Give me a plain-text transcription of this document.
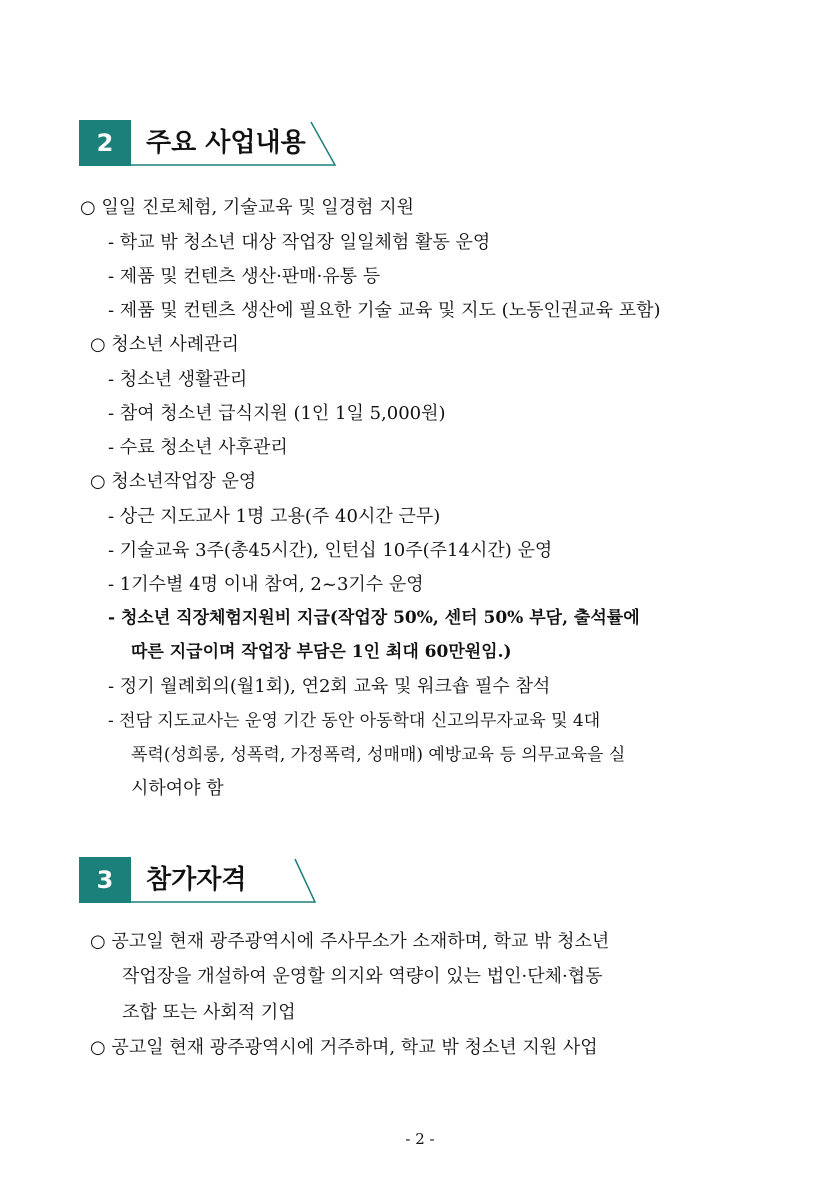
2	주요 사업내용
○ 일일 진로체험, 기술교육 및 일경험 지원
- 학교 밖 청소년 대상 작업장 일일체험 활동 운영
- 제품 및 컨텐츠 생산·판매·유통 등
- 제품 및 컨텐츠 생산에 필요한 기술 교육 및 지도 (노동인권교육 포함)
○ 청소년 사례관리
- 청소년 생활관리
- 참여 청소년 급식지원 (1인 1일 5,000원)
- 수료 청소년 사후관리
○ 청소년작업장 운영
- 상근 지도교사 1명 고용(주 40시간 근무)
- 기술교육 3주(총45시간), 인턴십 10주(주14시간) 운영
- 1기수별 4명 이내 참여, 2~3기수 운영
- 청소년 직장체험지원비 지급(작업장 50%, 센터 50% 부담, 출석률에
따른 지급이며 작업장 부담은 1인 최대 60만원임.)
- 정기 월례회의(월1회), 연2회 교육 및 워크숍 필수 참석
- 전담 지도교사는 운영 기간 동안 아동학대 신고의무자교육 및 4대
폭력(성희롱, 성폭력, 가정폭력, 성매매) 예방교육 등 의무교육을 실
시하여야 함
3	참가자격
○ 공고일 현재 광주광역시에 주사무소가 소재하며, 학교 밖 청소년
작업장을 개설하여 운영할 의지와 역량이 있는 법인·단체·협동
조합 또는 사회적 기업
○ 공고일 현재 광주광역시에 거주하며, 학교 밖 청소년 지원 사업
- 2 -
